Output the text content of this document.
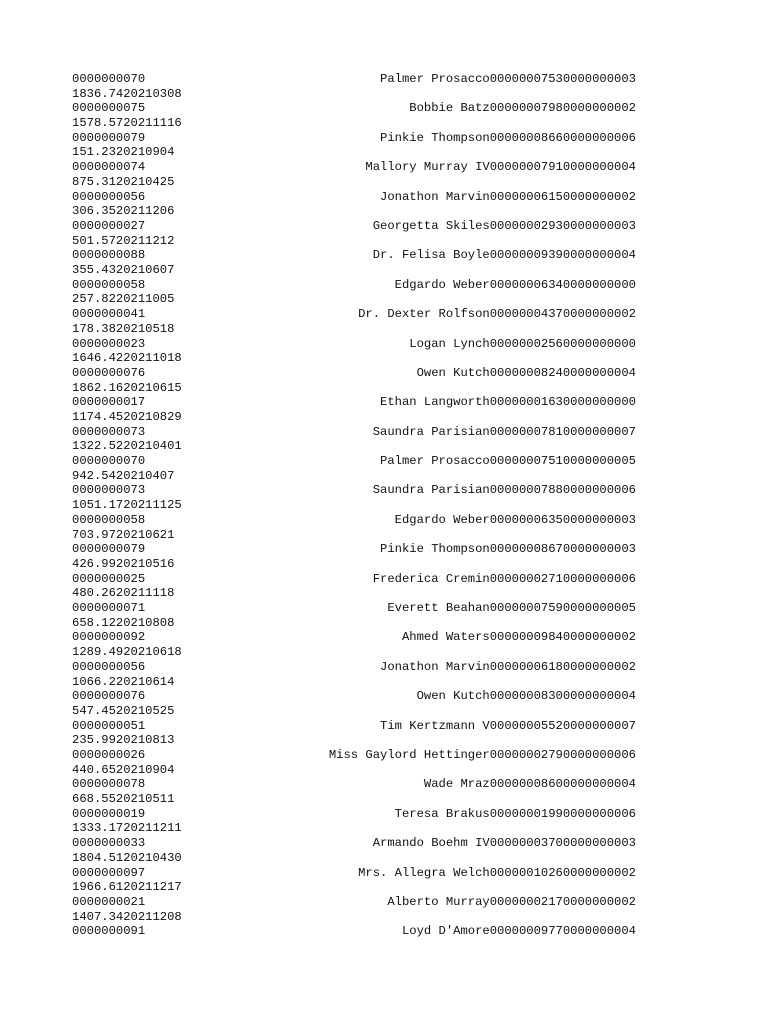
0000000070	Palmer Prosacco00000007530000000003
1836.7420210308
0000000075	Bobbie Batz00000007980000000002
1578.5720211116
0000000079	Pinkie Thompson00000008660000000006
151.2320210904
0000000074	Mallory Murray IV00000007910000000004
875.3120210425
0000000056	Jonathon Marvin00000006150000000002
306.3520211206
0000000027	Georgetta Skiles00000002930000000003
501.5720211212
0000000088	Dr. Felisa Boyle00000009390000000004
355.4320210607
0000000058	Edgardo Weber00000006340000000000
257.8220211005
0000000041	Dr. Dexter Rolfson00000004370000000002
178.3820210518
0000000023	Logan Lynch00000002560000000000
1646.4220211018
0000000076	Owen Kutch00000008240000000004
1862.1620210615
0000000017	Ethan Langworth00000001630000000000
1174.4520210829
0000000073	Saundra Parisian00000007810000000007
1322.5220210401
0000000070	Palmer Prosacco00000007510000000005
942.5420210407
0000000073	Saundra Parisian00000007880000000006
1051.1720211125
0000000058	Edgardo Weber00000006350000000003
703.9720210621
0000000079	Pinkie Thompson00000008670000000003
426.9920210516
0000000025	Frederica Cremin00000002710000000006
480.2620211118
0000000071	Everett Beahan00000007590000000005
658.1220210808
0000000092	Ahmed Waters00000009840000000002
1289.4920210618
0000000056	Jonathon Marvin00000006180000000002
1066.220210614
0000000076	Owen Kutch00000008300000000004
547.4520210525
0000000051	Tim Kertzmann V00000005520000000007
235.9920210813
0000000026	Miss Gaylord Hettinger00000002790000000006
440.6520210904
0000000078	Wade Mraz00000008600000000004
668.5520210511
0000000019	Teresa Brakus00000001990000000006
1333.1720211211
0000000033	Armando Boehm IV00000003700000000003
1804.5120210430
0000000097	Mrs. Allegra Welch00000010260000000002
1966.6120211217
0000000021	Alberto Murray00000002170000000002
1407.3420211208
0000000091	Loyd D'Amore00000009770000000004
